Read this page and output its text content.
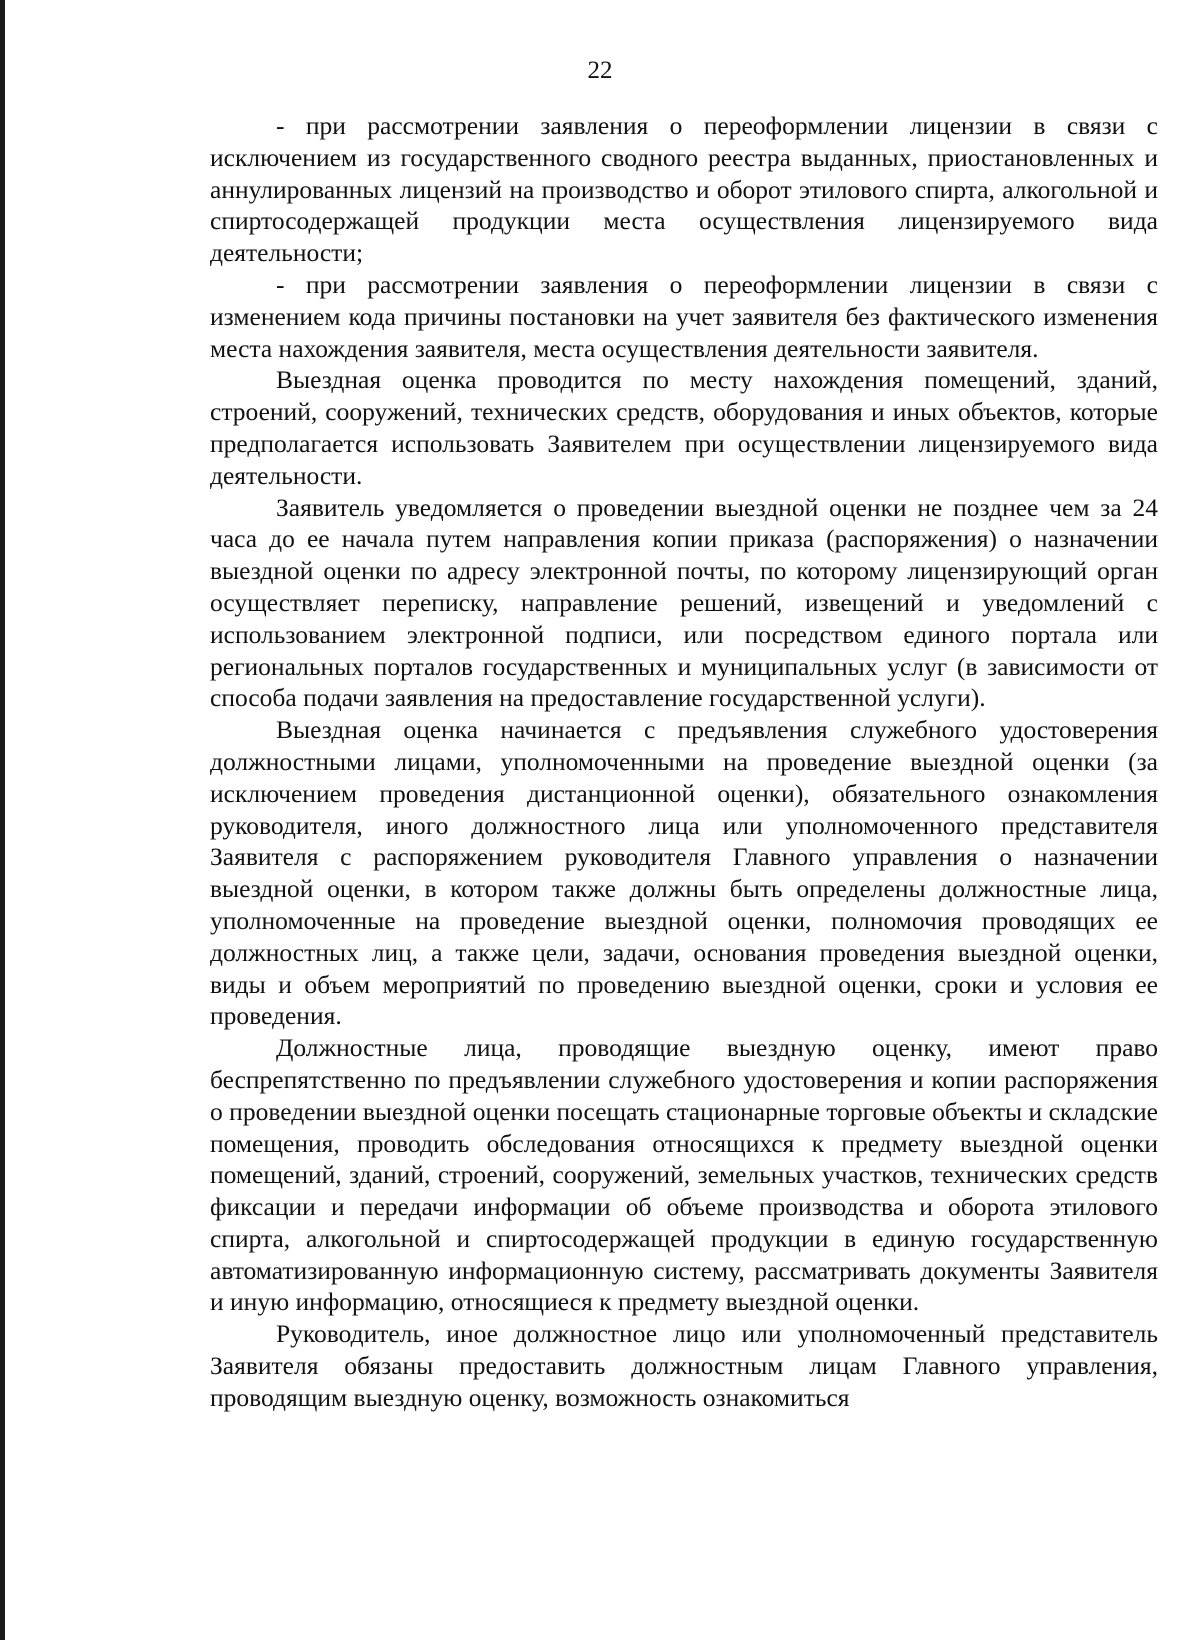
22

- при рассмотрении заявления о переоформлении лицензии в связи с исключением из государственного сводного реестра выданных, приостановленных и аннулированных лицензий на производство и оборот этилового спирта, алкогольной и спиртосодержащей продукции места осуществления лицензируемого вида деятельности;

- при рассмотрении заявления о переоформлении лицензии в связи с изменением кода причины постановки на учет заявителя без фактического изменения места нахождения заявителя, места осуществления деятельности заявителя.

Выездная оценка проводится по месту нахождения помещений, зданий, строений, сооружений, технических средств, оборудования и иных объектов, которые предполагается использовать Заявителем при осуществлении лицензируемого вида деятельности.

Заявитель уведомляется о проведении выездной оценки не позднее чем за 24 часа до ее начала путем направления копии приказа (распоряжения) о назначении выездной оценки по адресу электронной почты, по которому лицензирующий орган осуществляет переписку, направление решений, извещений и уведомлений с использованием электронной подписи, или посредством единого портала или региональных порталов государственных и муниципальных услуг (в зависимости от способа подачи заявления на предоставление государственной услуги).

Выездная оценка начинается с предъявления служебного удостоверения должностными лицами, уполномоченными на проведение выездной оценки (за исключением проведения дистанционной оценки), обязательного ознакомления руководителя, иного должностного лица или уполномоченного представителя Заявителя с распоряжением руководителя Главного управления о назначении выездной оценки, в котором также должны быть определены должностные лица, уполномоченные на проведение выездной оценки, полномочия проводящих ее должностных лиц, а также цели, задачи, основания проведения выездной оценки, виды и объем мероприятий по проведению выездной оценки, сроки и условия ее проведения.

Должностные лица, проводящие выездную оценку, имеют право беспрепятственно по предъявлении служебного удостоверения и копии распоряжения о проведении выездной оценки посещать стационарные торговые объекты и складские помещения, проводить обследования относящихся к предмету выездной оценки помещений, зданий, строений, сооружений, земельных участков, технических средств фиксации и передачи информации об объеме производства и оборота этилового спирта, алкогольной и спиртосодержащей продукции в единую государственную автоматизированную информационную систему, рассматривать документы Заявителя и иную информацию, относящиеся к предмету выездной оценки.

Руководитель, иное должностное лицо или уполномоченный представитель Заявителя обязаны предоставить должностным лицам Главного управления, проводящим выездную оценку, возможность ознакомиться
